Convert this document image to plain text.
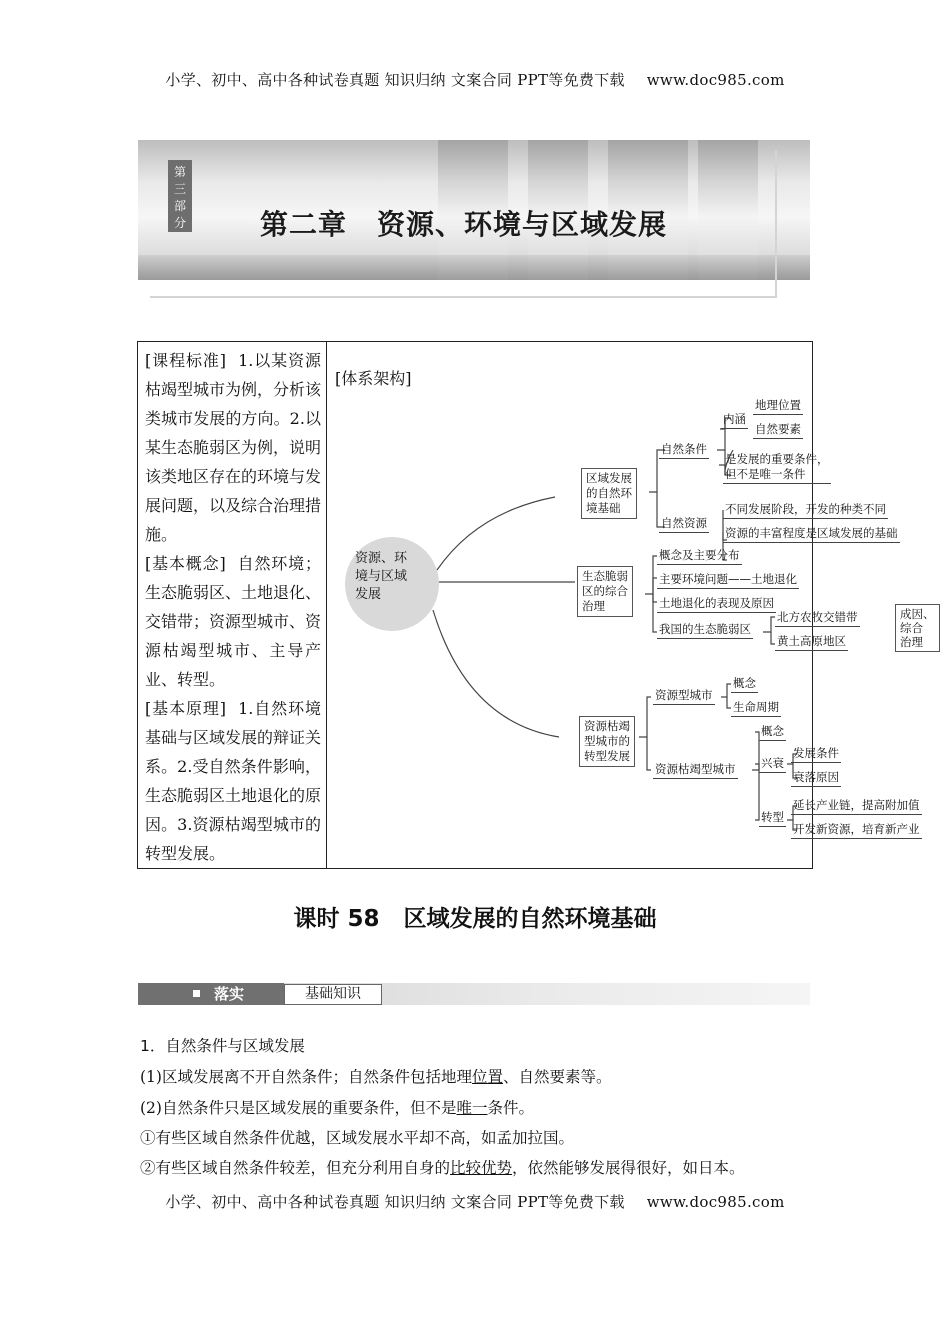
小学、初中、高中各种试卷真题 知识归纳 文案合同 PPT等免费下载 www.doc985.com
第
三
部
分	第二章 资源、环境与区域发展
[课程标准] 1.以某资源枯竭型城市为例，分析该类城市发展的方向。2.以某生态脆弱区为例，说明该类地区存在的环境与发展问题，以及综合治理措施。
[基本概念] 自然环境；生态脆弱区、土地退化、交错带；资源型城市、资源枯竭型城市、主导产业、转型。
[基本原理] 1.自然环境基础与区域发展的辩证关系。2.受自然条件影响，生态脆弱区土地退化的原因。3.资源枯竭型城市的转型发展。
[体系架构]
资源、环
境与区域
发展
区域发展
的自然环
境基础
自然条件
内涵
地理位置
自然要素
是发展的重要条件，
但不是唯一条件
自然资源
不同发展阶段，开发的种类不同
资源的丰富程度是区域发展的基础
生态脆弱
区的综合
治理
概念及主要分布
主要环境问题——土地退化
土地退化的表现及原因
我国的生态脆弱区
北方农牧交错带
黄土高原地区
成因、
综合
治理
资源枯竭
型城市的
转型发展
资源型城市
概念
生命周期
资源枯竭型城市
概念
兴衰
发展条件
衰落原因
转型
延长产业链，提高附加值
开发新资源，培育新产业
课时 58 区域发展的自然环境基础
落实	基础知识
1．自然条件与区域发展
(1)区域发展离不开自然条件；自然条件包括地理位置、自然要素等。
(2)自然条件只是区域发展的重要条件，但不是唯一条件。
①有些区域自然条件优越，区域发展水平却不高，如孟加拉国。
②有些区域自然条件较差，但充分利用自身的比较优势，依然能够发展得很好，如日本。
小学、初中、高中各种试卷真题 知识归纳 文案合同 PPT等免费下载 www.doc985.com
